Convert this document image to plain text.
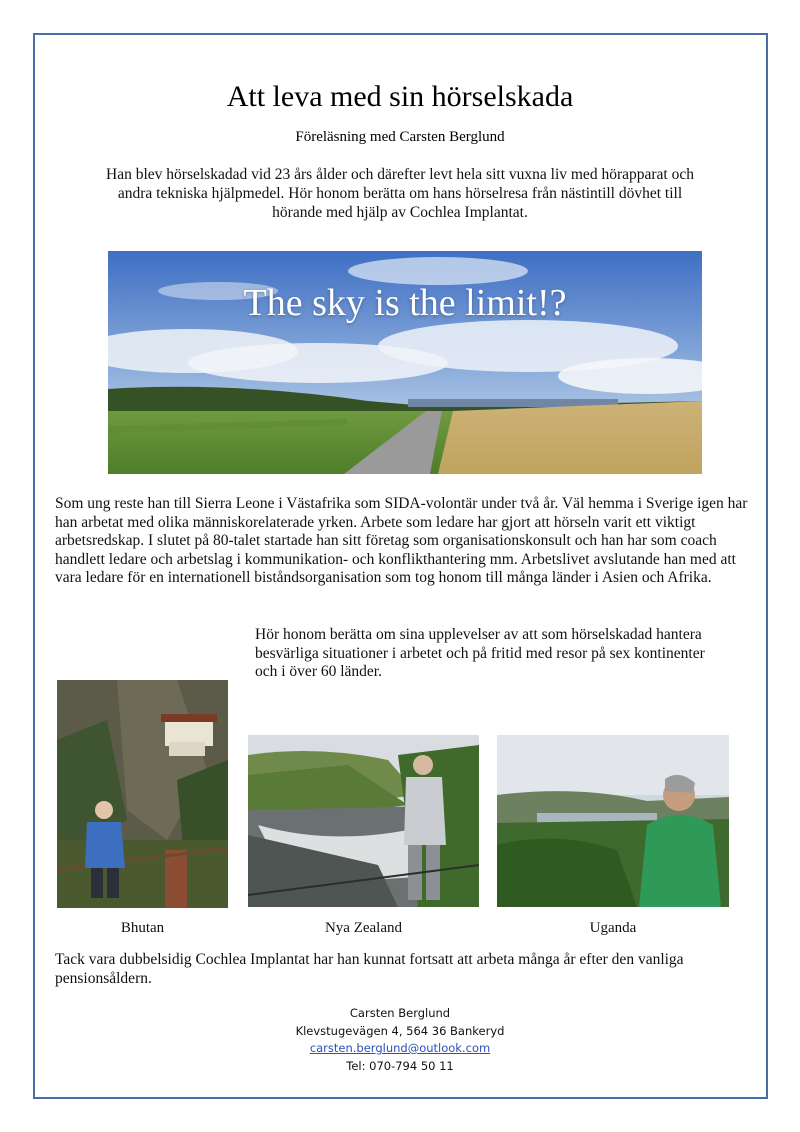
Att leva med sin hörselskada
Föreläsning med Carsten Berglund

Han blev hörselskadad vid 23 års ålder och därefter levt hela sitt vuxna liv med hörapparat och andra tekniska hjälpmedel. Hör honom berätta om hans hörselresa från nästintill dövhet till hörande med hjälp av Cochlea Implantat.

The sky is the limit!?

Som ung reste han till Sierra Leone i Västafrika som SIDA-volontär under två år. Väl hemma i Sverige igen har han arbetat med olika människorelaterade yrken. Arbete som ledare har gjort att hörseln varit ett viktigt arbetsredskap. I slutet på 80-talet startade han sitt företag som organisationskonsult och han har som coach handlett ledare och arbetslag i kommunikation- och konflikthantering mm. Arbetslivet avslutande han med att vara ledare för en internationell biståndsorganisation som tog honom till många länder i Asien och Afrika.

Hör honom berätta om sina upplevelser av att som hörselskadad hantera besvärliga situationer i arbetet och på fritid med resor på sex kontinenter och i över 60 länder.

Bhutan	Nya Zealand	Uganda

Tack vara dubbelsidig Cochlea Implantat har han kunnat fortsatt att arbeta många år efter den vanliga pensionsåldern.

Carsten Berglund
Klevstugevägen 4, 564 36 Bankeryd
carsten.berglund@outlook.com
Tel: 070-794 50 11
